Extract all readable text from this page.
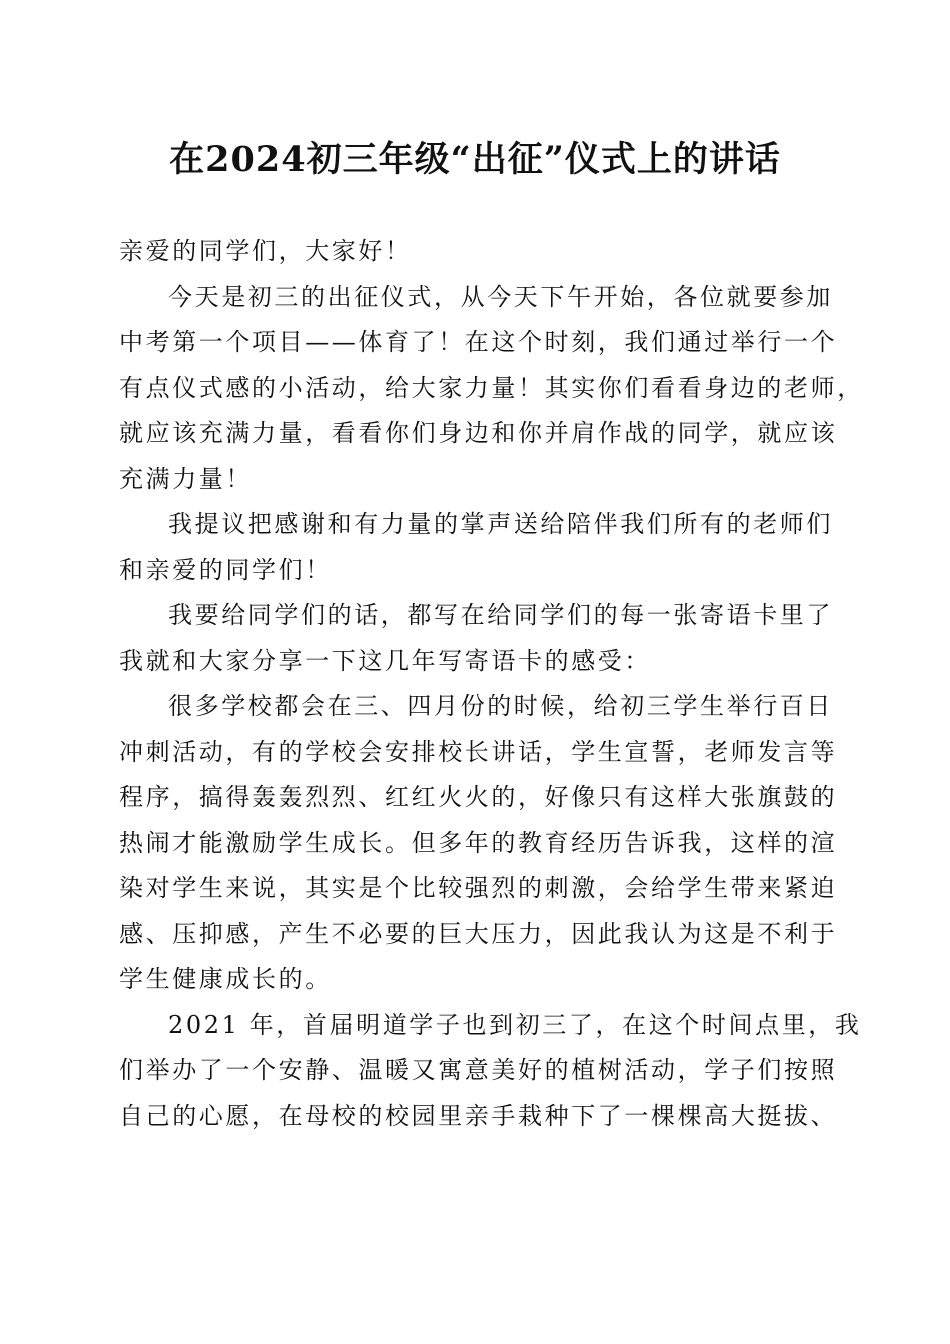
在2024初三年级“出征”仪式上的讲话
亲爱的同学们，大家好！
今天是初三的出征仪式，从今天下午开始，各位就要参加
中考第一个项目——体育了！在这个时刻，我们通过举行一个
有点仪式感的小活动，给大家力量！其实你们看看身边的老师，
就应该充满力量，看看你们身边和你并肩作战的同学，就应该
充满力量！
我提议把感谢和有力量的掌声送给陪伴我们所有的老师们
和亲爱的同学们！
我要给同学们的话，都写在给同学们的每一张寄语卡里了
我就和大家分享一下这几年写寄语卡的感受：
很多学校都会在三、四月份的时候，给初三学生举行百日
冲刺活动，有的学校会安排校长讲话，学生宣誓，老师发言等
程序，搞得轰轰烈烈、红红火火的，好像只有这样大张旗鼓的
热闹才能激励学生成长。但多年的教育经历告诉我，这样的渲
染对学生来说，其实是个比较强烈的刺激，会给学生带来紧迫
感、压抑感，产生不必要的巨大压力，因此我认为这是不利于
学生健康成长的。
2021 年，首届明道学子也到初三了，在这个时间点里，我
们举办了一个安静、温暖又寓意美好的植树活动，学子们按照
自己的心愿，在母校的校园里亲手栽种下了一棵棵高大挺拔、
